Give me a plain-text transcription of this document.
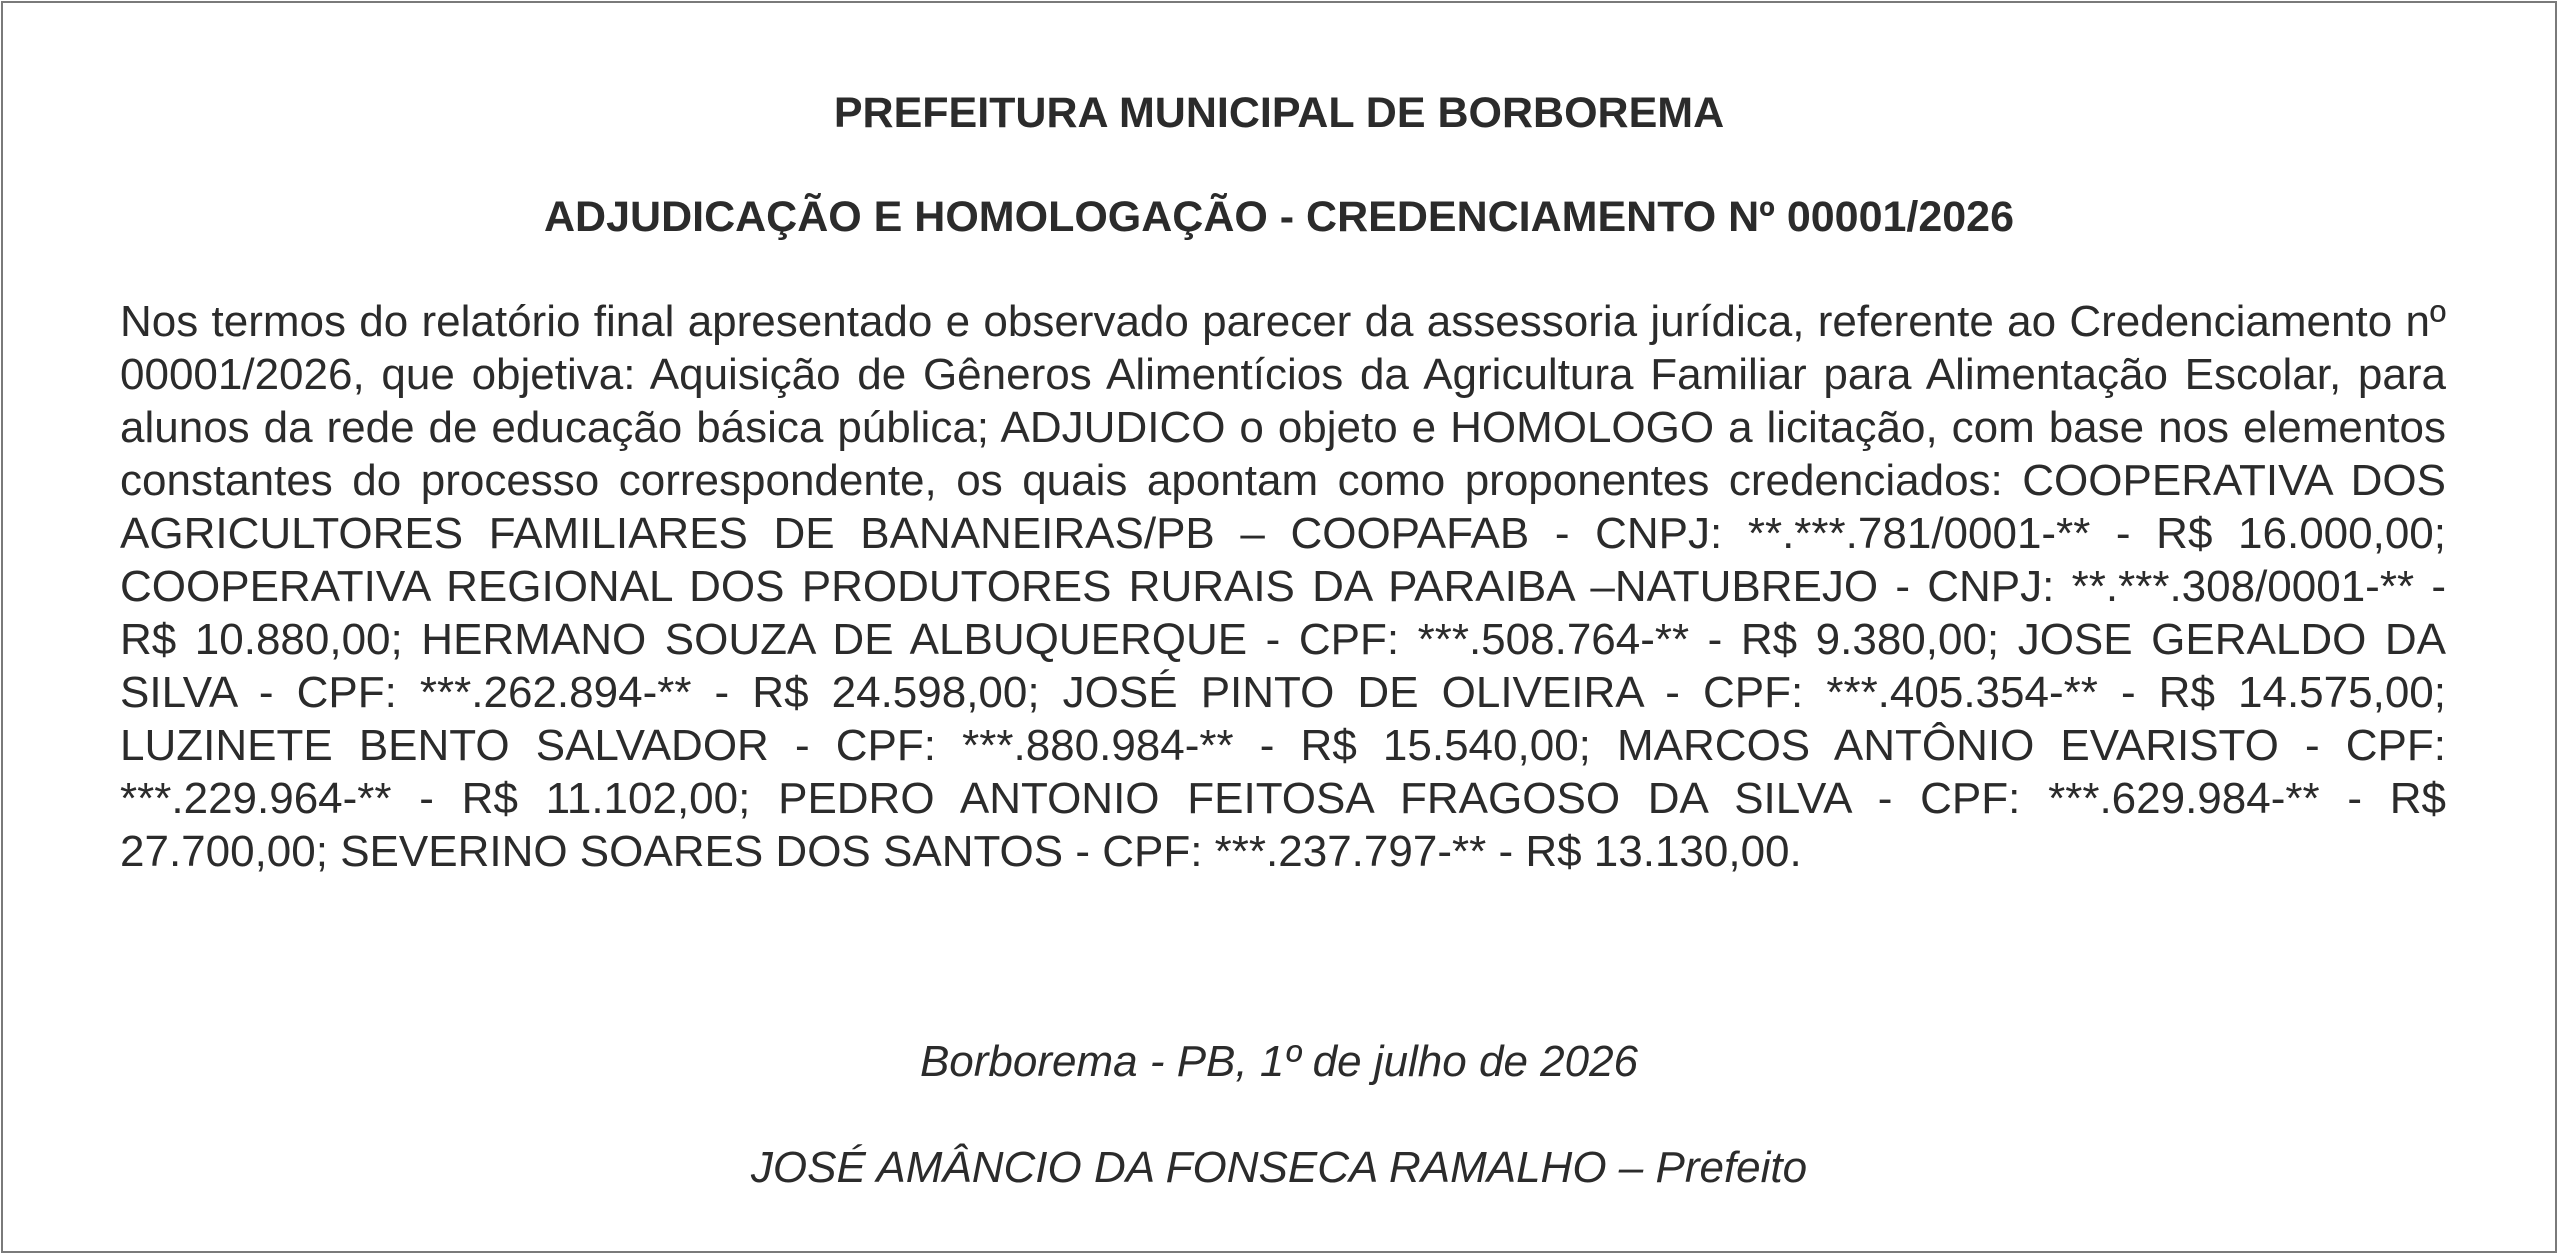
PREFEITURA MUNICIPAL DE BORBOREMA
ADJUDICAÇÃO E HOMOLOGAÇÃO - CREDENCIAMENTO Nº 00001/2026

Nos termos do relatório final apresentado e observado parecer da assessoria jurídica, referente ao Credenciamento nº 00001/2026, que objetiva: Aquisição de Gêneros Alimentícios da Agricultura Familiar para Alimentação Escolar, para alunos da rede de educação básica pública; ADJUDICO o objeto e HOMOLOGO a licitação, com base nos elementos constantes do processo correspondente, os quais apontam como proponentes credenciados: COOPERATIVA DOS AGRICULTORES FAMILIARES DE BANANEIRAS/PB – COOPAFAB - CNPJ: **.***.781/0001-** - R$ 16.000,00; COOPERATIVA REGIONAL DOS PRODUTORES RURAIS DA PARAIBA –NATUBREJO - CNPJ: **.***.308/0001-** - R$ 10.880,00; HERMANO SOUZA DE ALBUQUERQUE - CPF: ***.508.764-** - R$ 9.380,00; JOSE GERALDO DA SILVA - CPF: ***.262.894-** - R$ 24.598,00; JOSÉ PINTO DE OLIVEIRA - CPF: ***.405.354-** - R$ 14.575,00; LUZINETE BENTO SALVADOR - CPF: ***.880.984-** - R$ 15.540,00; MARCOS ANTÔNIO EVARISTO - CPF: ***.229.964-** - R$ 11.102,00; PEDRO ANTONIO FEITOSA FRAGOSO DA SILVA - CPF: ***.629.984-** - R$ 27.700,00; SEVERINO SOARES DOS SANTOS - CPF: ***.237.797-** - R$ 13.130,00.

Borborema - PB, 1º de julho de 2026

JOSÉ AMÂNCIO DA FONSECA RAMALHO – Prefeito
